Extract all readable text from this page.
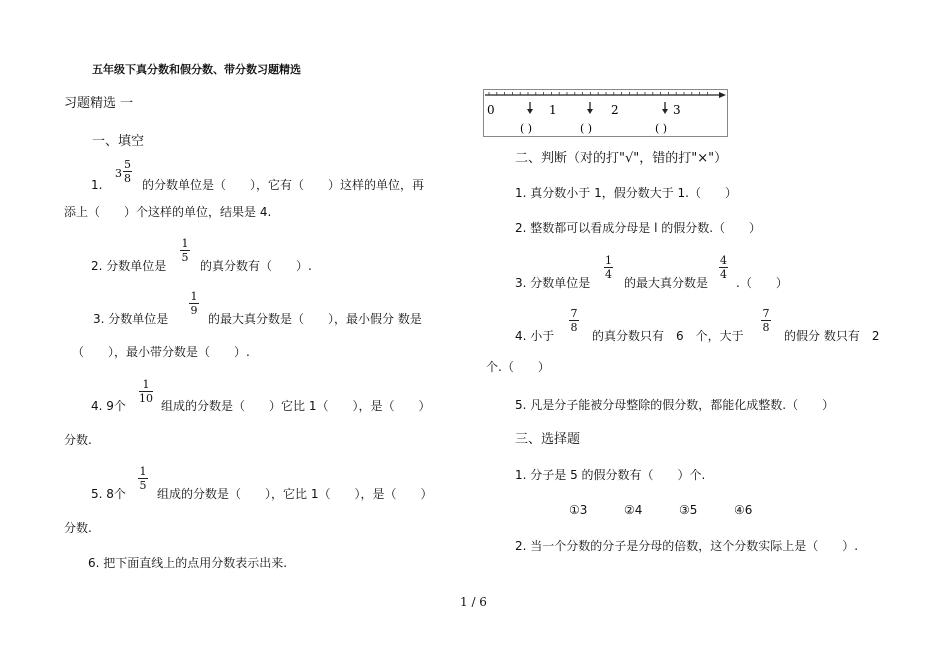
五年级下真分数和假分数、带分数习题精选
习题精选 一
一、填空
1.
3
5
8 的分数单位是（　　），它有（　　）这样的单位，再
添上（　　）个这样的单位，结果是 4.
2. 分数单位是
1
5
的真分数有（　　）.
3. 分数单位是
1
9
的最大真分数是（　　），最小假分 数是
（　　），最小带分数是（　　）.
4. 9个
1
10
组成的分数是（　　）它比 1（　　），是（　　）
分数.
5. 8个
1
5
组成的分数是（　　），它比 1（　　），是（　　）
分数.
6. 把下面直线上的点用分数表示出来.
0	1	2	3
( )	( )	( )
二、判断（对的打"√"，错的打"×"）
1. 真分数小于 1，假分数大于 1.（　　）
2. 整数都可以看成分母是 l 的假分数.（　　）
3. 分数单位是
1
4
的最大真分数是
4
4
.（　　）
4. 小于
7
8
的真分数只有　6　个，大于
7
8
的假分 数只有　2
个.（　　）
5. 凡是分子能被分母整除的假分数，都能化成整数.（　　）
三、选择题
1. 分子是 5 的假分数有（　　）个.
①3	②4	③5	④6
2. 当一个分数的分子是分母的倍数，这个分数实际上是（　　）.
1 / 6
